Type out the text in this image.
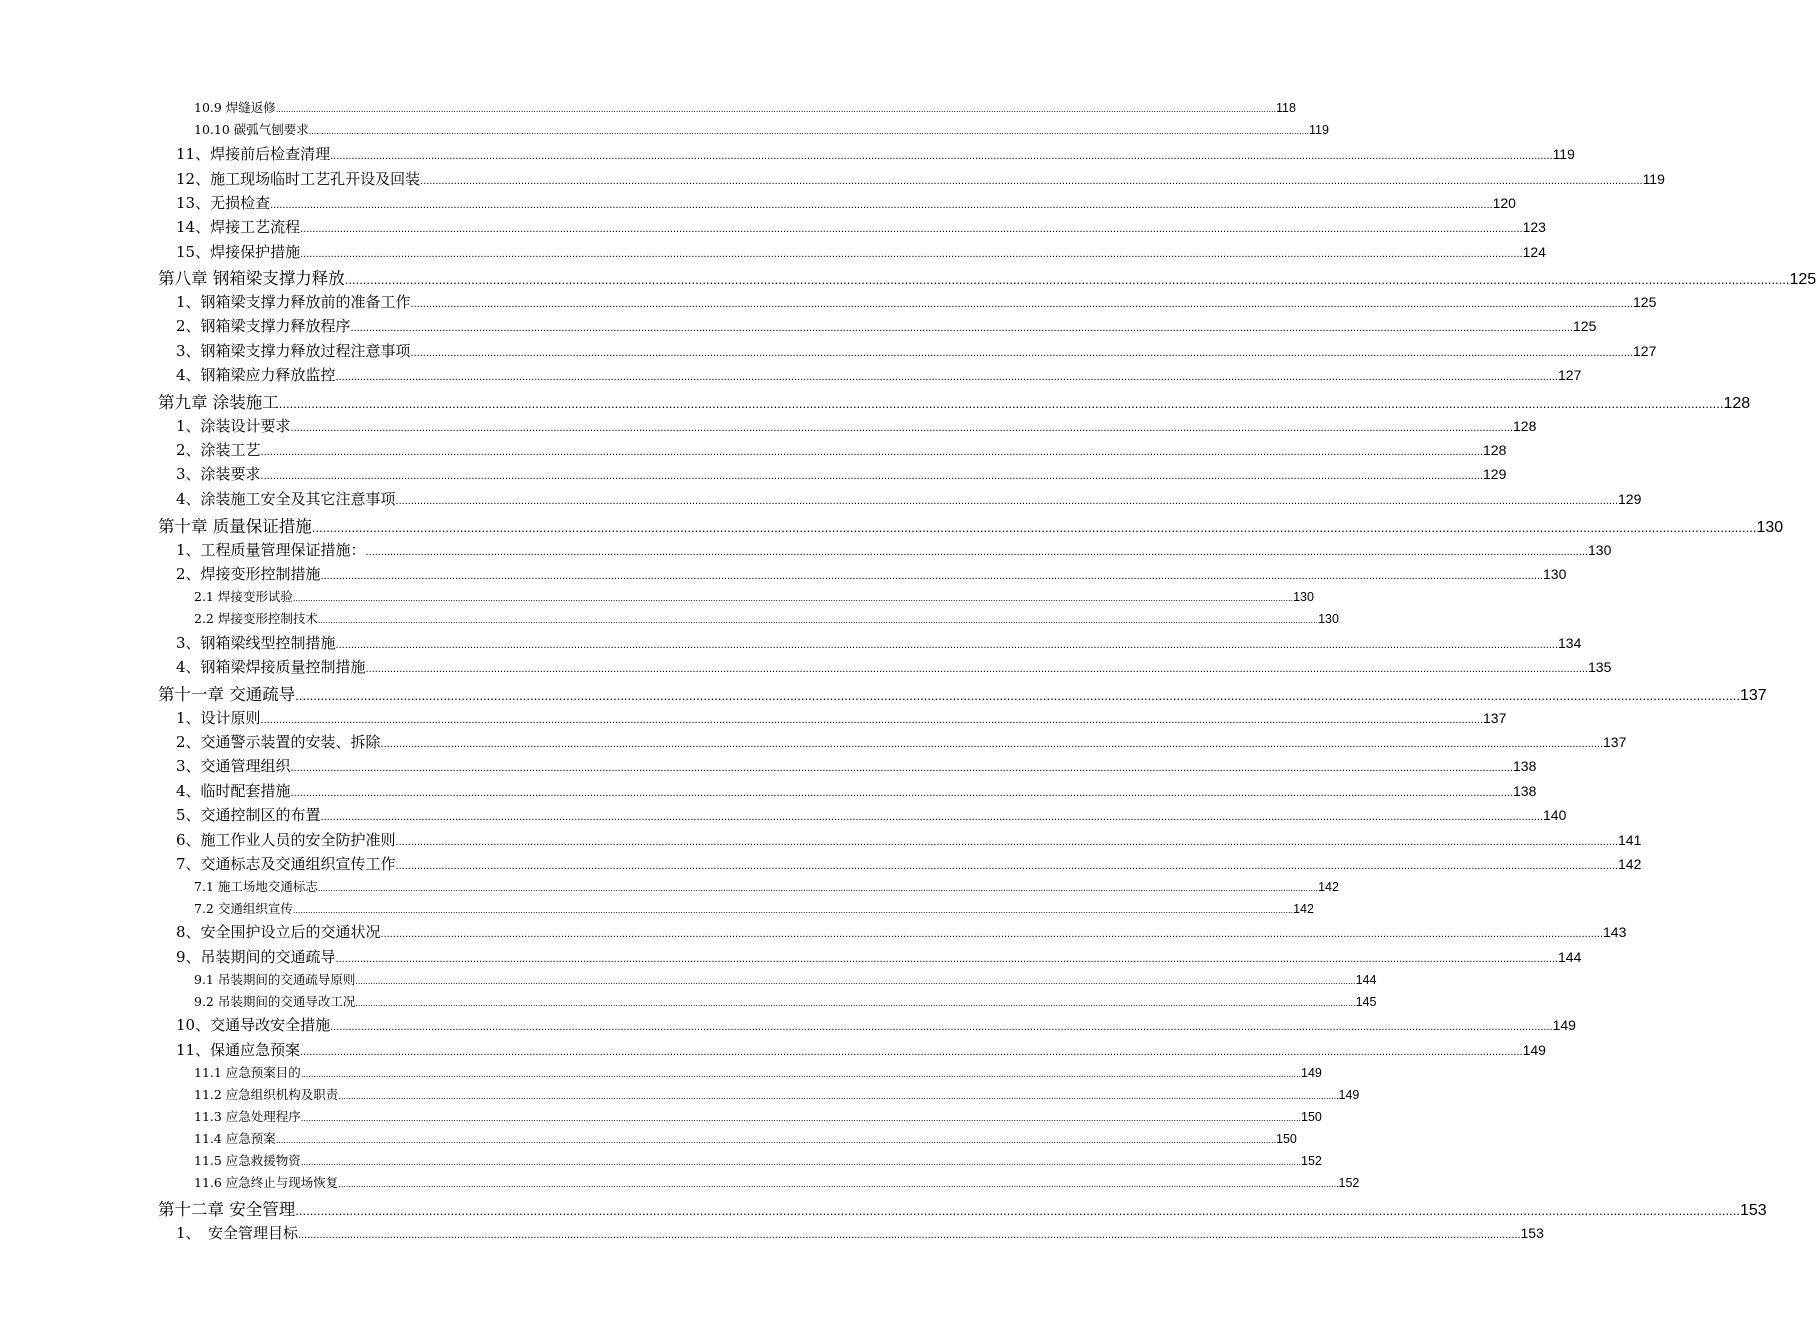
10.9 焊缝返修 ................................................................................................................................................................................................................................................................................................................................................................................................................ 118
10.10 碳弧气刨要求 ................................................................................................................................................................................................................................................................................................................................................................................................................ 119
11、焊接前后检查清理 ................................................................................................................................................................................................................................................................................................................................................................................................................ 119
12、施工现场临时工艺孔开设及回装 ................................................................................................................................................................................................................................................................................................................................................................................................................ 119
13、无损检查 ................................................................................................................................................................................................................................................................................................................................................................................................................ 120
14、焊接工艺流程 ................................................................................................................................................................................................................................................................................................................................................................................................................ 123
15、焊接保护措施 ................................................................................................................................................................................................................................................................................................................................................................................................................ 124
第八章 钢箱梁支撑力释放 ................................................................................................................................................................................................................................................................................................................................................................................................................ 125
1、钢箱梁支撑力释放前的准备工作 ................................................................................................................................................................................................................................................................................................................................................................................................................ 125
2、钢箱梁支撑力释放程序 ................................................................................................................................................................................................................................................................................................................................................................................................................ 125
3、钢箱梁支撑力释放过程注意事项 ................................................................................................................................................................................................................................................................................................................................................................................................................ 127
4、钢箱梁应力释放监控 ................................................................................................................................................................................................................................................................................................................................................................................................................ 127
第九章 涂装施工 ................................................................................................................................................................................................................................................................................................................................................................................................................ 128
1、涂装设计要求 ................................................................................................................................................................................................................................................................................................................................................................................................................ 128
2、涂装工艺 ................................................................................................................................................................................................................................................................................................................................................................................................................ 128
3、涂装要求 ................................................................................................................................................................................................................................................................................................................................................................................................................ 129
4、涂装施工安全及其它注意事项 ................................................................................................................................................................................................................................................................................................................................................................................................................ 129
第十章 质量保证措施 ................................................................................................................................................................................................................................................................................................................................................................................................................ 130
1、工程质量管理保证措施： ................................................................................................................................................................................................................................................................................................................................................................................................................ 130
2、焊接变形控制措施 ................................................................................................................................................................................................................................................................................................................................................................................................................ 130
2.1 焊接变形试验 ................................................................................................................................................................................................................................................................................................................................................................................................................ 130
2.2 焊接变形控制技术 ................................................................................................................................................................................................................................................................................................................................................................................................................ 130
3、钢箱梁线型控制措施 ................................................................................................................................................................................................................................................................................................................................................................................................................ 134
4、钢箱梁焊接质量控制措施 ................................................................................................................................................................................................................................................................................................................................................................................................................ 135
第十一章 交通疏导 ................................................................................................................................................................................................................................................................................................................................................................................................................ 137
1、设计原则 ................................................................................................................................................................................................................................................................................................................................................................................................................ 137
2、交通警示装置的安装、拆除 ................................................................................................................................................................................................................................................................................................................................................................................................................ 137
3、交通管理组织 ................................................................................................................................................................................................................................................................................................................................................................................................................ 138
4、临时配套措施 ................................................................................................................................................................................................................................................................................................................................................................................................................ 138
5、交通控制区的布置 ................................................................................................................................................................................................................................................................................................................................................................................................................ 140
6、施工作业人员的安全防护准则 ................................................................................................................................................................................................................................................................................................................................................................................................................ 141
7、交通标志及交通组织宣传工作 ................................................................................................................................................................................................................................................................................................................................................................................................................ 142
7.1 施工场地交通标志 ................................................................................................................................................................................................................................................................................................................................................................................................................ 142
7.2 交通组织宣传 ................................................................................................................................................................................................................................................................................................................................................................................................................ 142
8、安全围护设立后的交通状况 ................................................................................................................................................................................................................................................................................................................................................................................................................ 143
9、吊装期间的交通疏导 ................................................................................................................................................................................................................................................................................................................................................................................................................ 144
9.1 吊装期间的交通疏导原则 ................................................................................................................................................................................................................................................................................................................................................................................................................ 144
9.2 吊装期间的交通导改工况 ................................................................................................................................................................................................................................................................................................................................................................................................................ 145
10、交通导改安全措施 ................................................................................................................................................................................................................................................................................................................................................................................................................ 149
11、保通应急预案 ................................................................................................................................................................................................................................................................................................................................................................................................................ 149
11.1 应急预案目的 ................................................................................................................................................................................................................................................................................................................................................................................................................ 149
11.2 应急组织机构及职责 ................................................................................................................................................................................................................................................................................................................................................................................................................ 149
11.3 应急处理程序 ................................................................................................................................................................................................................................................................................................................................................................................................................ 150
11.4 应急预案 ................................................................................................................................................................................................................................................................................................................................................................................................................ 150
11.5 应急救援物资 ................................................................................................................................................................................................................................................................................................................................................................................................................ 152
11.6 应急终止与现场恢复 ................................................................................................................................................................................................................................................................................................................................................................................................................ 152
第十二章 安全管理 ................................................................................................................................................................................................................................................................................................................................................................................................................ 153
1、　安全管理目标 ................................................................................................................................................................................................................................................................................................................................................................................................................ 153
